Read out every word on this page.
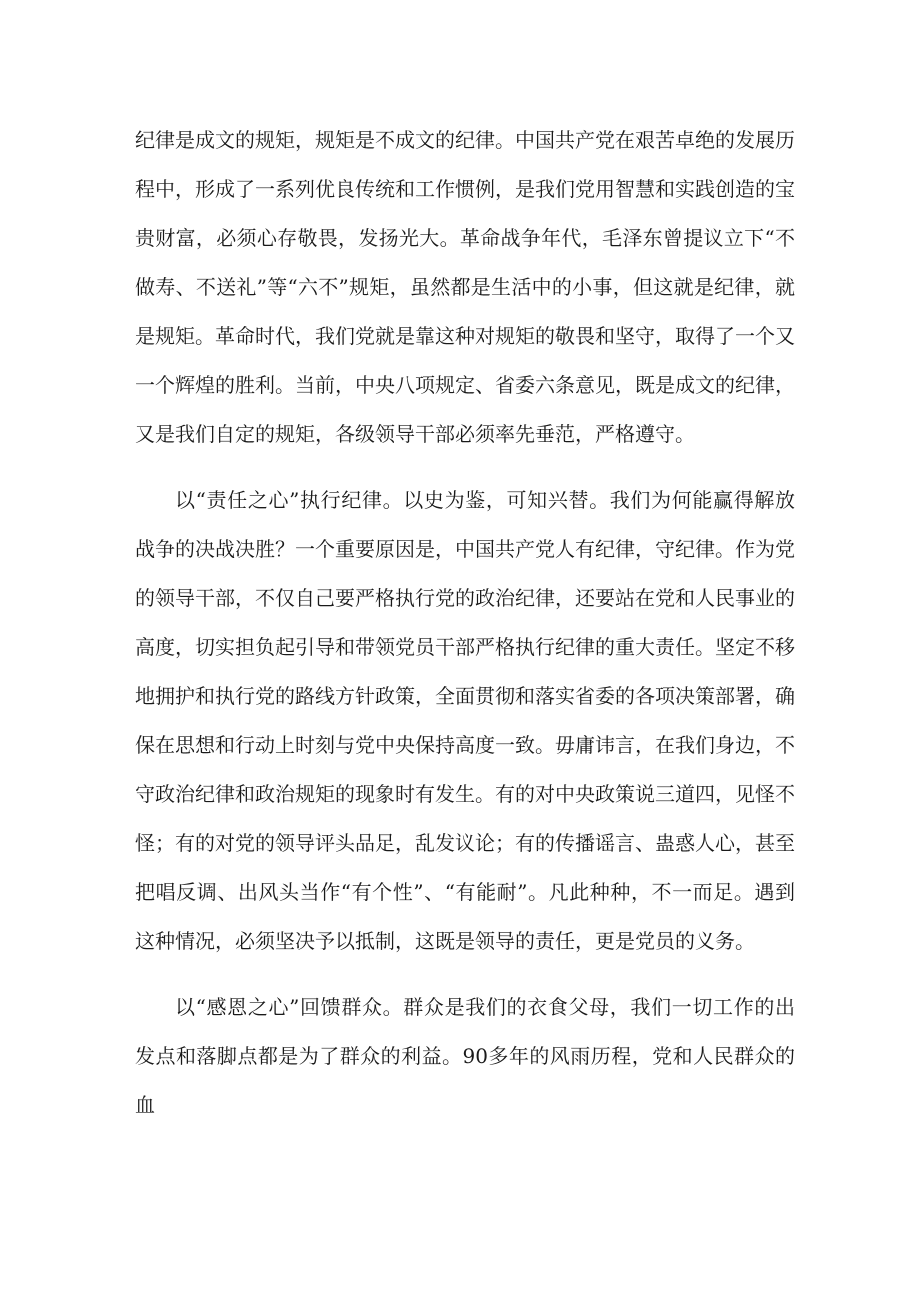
纪律是成文的规矩，规矩是不成文的纪律。中国共产党在艰苦卓绝的发展历程中，形成了一系列优良传统和工作惯例，是我们党用智慧和实践创造的宝贵财富，必须心存敬畏，发扬光大。革命战争年代，毛泽东曾提议立下“不做寿、不送礼”等“六不”规矩，虽然都是生活中的小事，但这就是纪律，就是规矩。革命时代，我们党就是靠这种对规矩的敬畏和坚守，取得了一个又一个辉煌的胜利。当前，中央八项规定、省委六条意见，既是成文的纪律，又是我们自定的规矩，各级领导干部必须率先垂范，严格遵守。

以“责任之心”执行纪律。以史为鉴，可知兴替。我们为何能赢得解放战争的决战决胜？一个重要原因是，中国共产党人有纪律，守纪律。作为党的领导干部，不仅自己要严格执行党的政治纪律，还要站在党和人民事业的高度，切实担负起引导和带领党员干部严格执行纪律的重大责任。坚定不移地拥护和执行党的路线方针政策，全面贯彻和落实省委的各项决策部署，确保在思想和行动上时刻与党中央保持高度一致。毋庸讳言，在我们身边，不守政治纪律和政治规矩的现象时有发生。有的对中央政策说三道四，见怪不怪；有的对党的领导评头品足，乱发议论；有的传播谣言、蛊惑人心，甚至把唱反调、出风头当作“有个性”、“有能耐”。凡此种种，不一而足。遇到这种情况，必须坚决予以抵制，这既是领导的责任，更是党员的义务。

以“感恩之心”回馈群众。群众是我们的衣食父母，我们一切工作的出发点和落脚点都是为了群众的利益。90多年的风雨历程，党和人民群众的血
